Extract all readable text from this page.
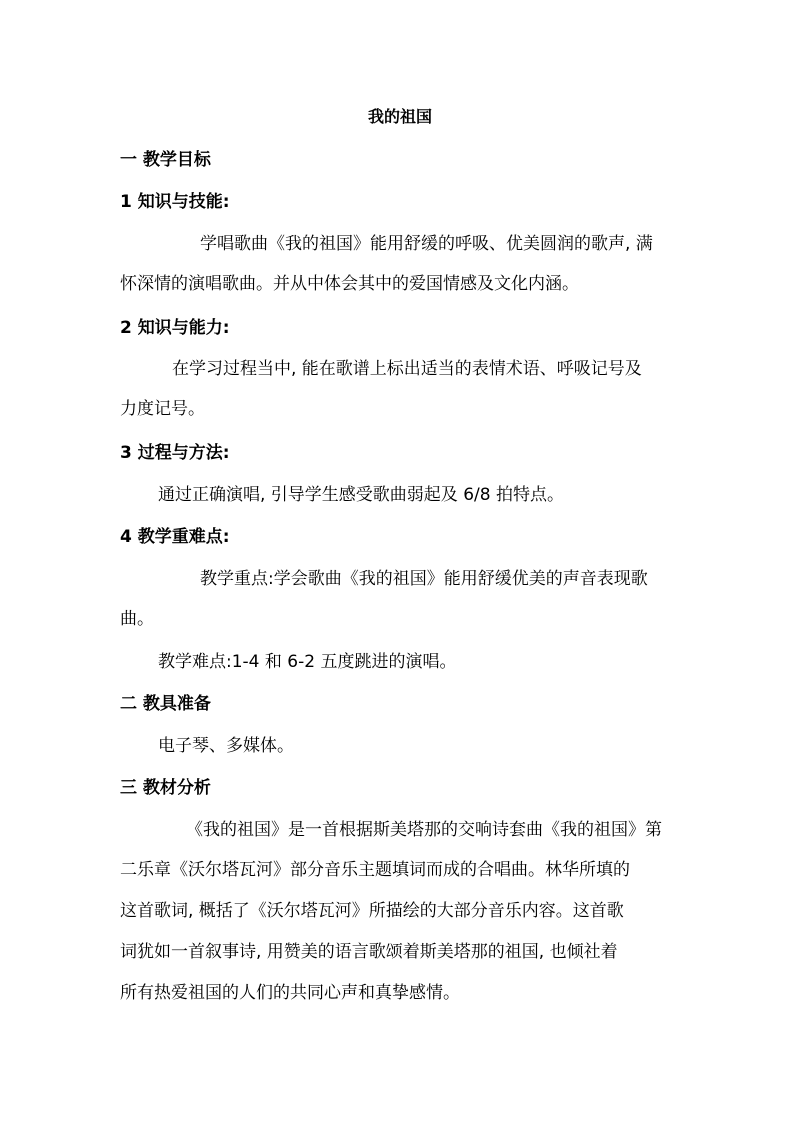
我的祖国

一 教学目标

1 知识与技能:

学唱歌曲《我的祖国》能用舒缓的呼吸、优美圆润的歌声, 满

怀深情的演唱歌曲。并从中体会其中的爱国情感及文化内涵。

2 知识与能力:

在学习过程当中, 能在歌谱上标出适当的表情术语、呼吸记号及

力度记号。

3 过程与方法:

通过正确演唱, 引导学生感受歌曲弱起及 6/8 拍特点。

4 教学重难点:

教学重点:学会歌曲《我的祖国》能用舒缓优美的声音表现歌

曲。

教学难点:1-4 和 6-2 五度跳进的演唱。

二 教具准备

电子琴、多媒体。

三 教材分析

《我的祖国》是一首根据斯美塔那的交响诗套曲《我的祖国》第

二乐章《沃尔塔瓦河》部分音乐主题填词而成的合唱曲。林华所填的

这首歌词, 概括了《沃尔塔瓦河》所描绘的大部分音乐内容。这首歌

词犹如一首叙事诗, 用赞美的语言歌颂着斯美塔那的祖国, 也倾社着

所有热爱祖国的人们的共同心声和真挚感情。
